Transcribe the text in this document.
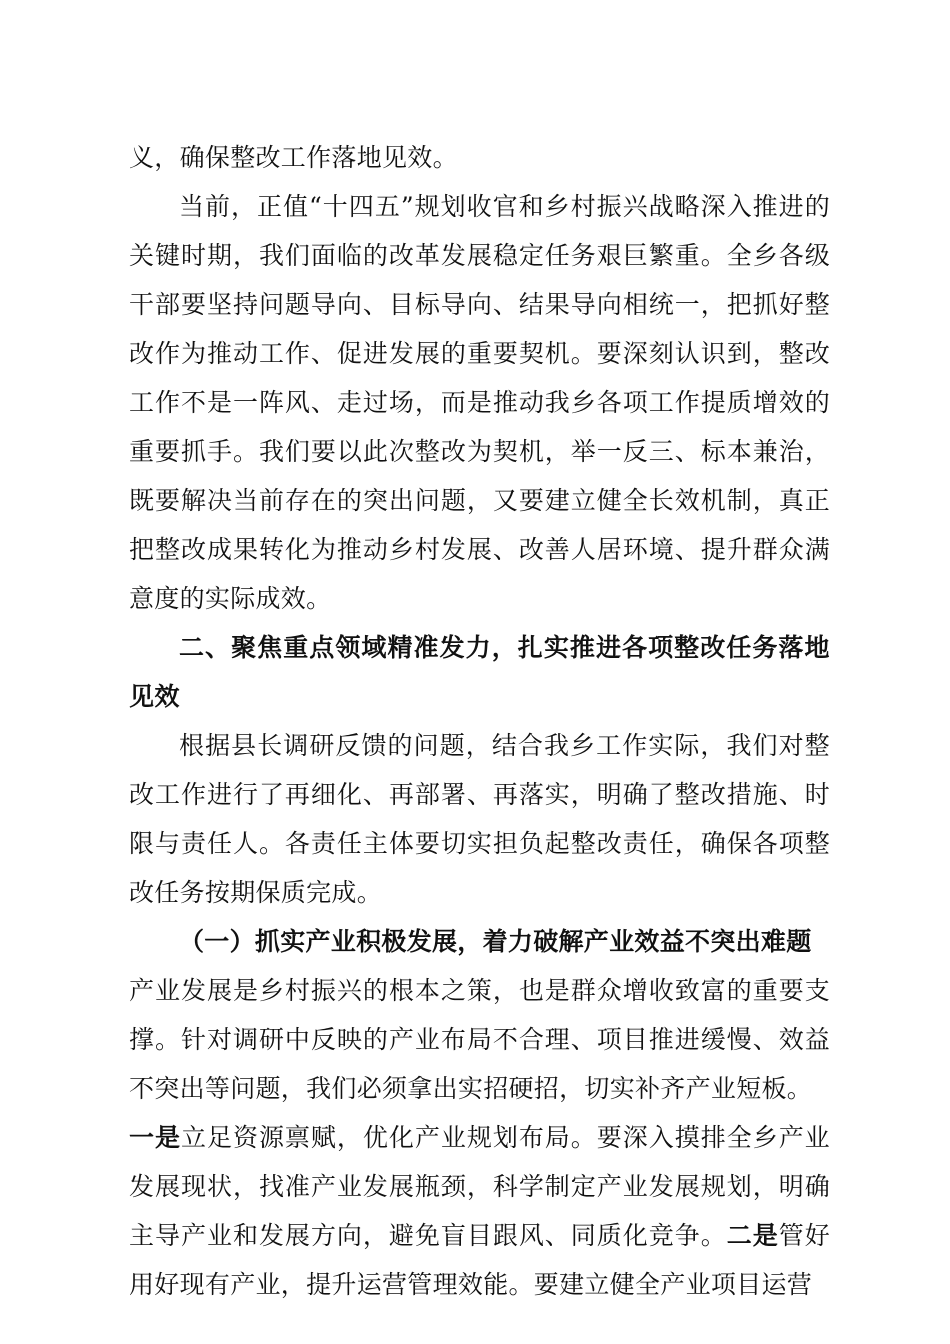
义，确保整改工作落地见效。

当前，正值“十四五”规划收官和乡村振兴战略深入推进的关键时期，我们面临的改革发展稳定任务艰巨繁重。全乡各级干部要坚持问题导向、目标导向、结果导向相统一，把抓好整改作为推动工作、促进发展的重要契机。要深刻认识到，整改工作不是一阵风、走过场，而是推动我乡各项工作提质增效的重要抓手。我们要以此次整改为契机，举一反三、标本兼治，既要解决当前存在的突出问题，又要建立健全长效机制，真正把整改成果转化为推动乡村发展、改善人居环境、提升群众满意度的实际成效。

二、聚焦重点领域精准发力，扎实推进各项整改任务落地见效

根据县长调研反馈的问题，结合我乡工作实际，我们对整改工作进行了再细化、再部署、再落实，明确了整改措施、时限与责任人。各责任主体要切实担负起整改责任，确保各项整改任务按期保质完成。

（一）抓实产业积极发展，着力破解产业效益不突出难题

产业发展是乡村振兴的根本之策，也是群众增收致富的重要支撑。针对调研中反映的产业布局不合理、项目推进缓慢、效益不突出等问题，我们必须拿出实招硬招，切实补齐产业短板。

一是立足资源禀赋，优化产业规划布局。要深入摸排全乡产业发展现状，找准产业发展瓶颈，科学制定产业发展规划，明确主导产业和发展方向，避免盲目跟风、同质化竞争。二是管好用好现有产业，提升运营管理效能。要建立健全产业项目运营
